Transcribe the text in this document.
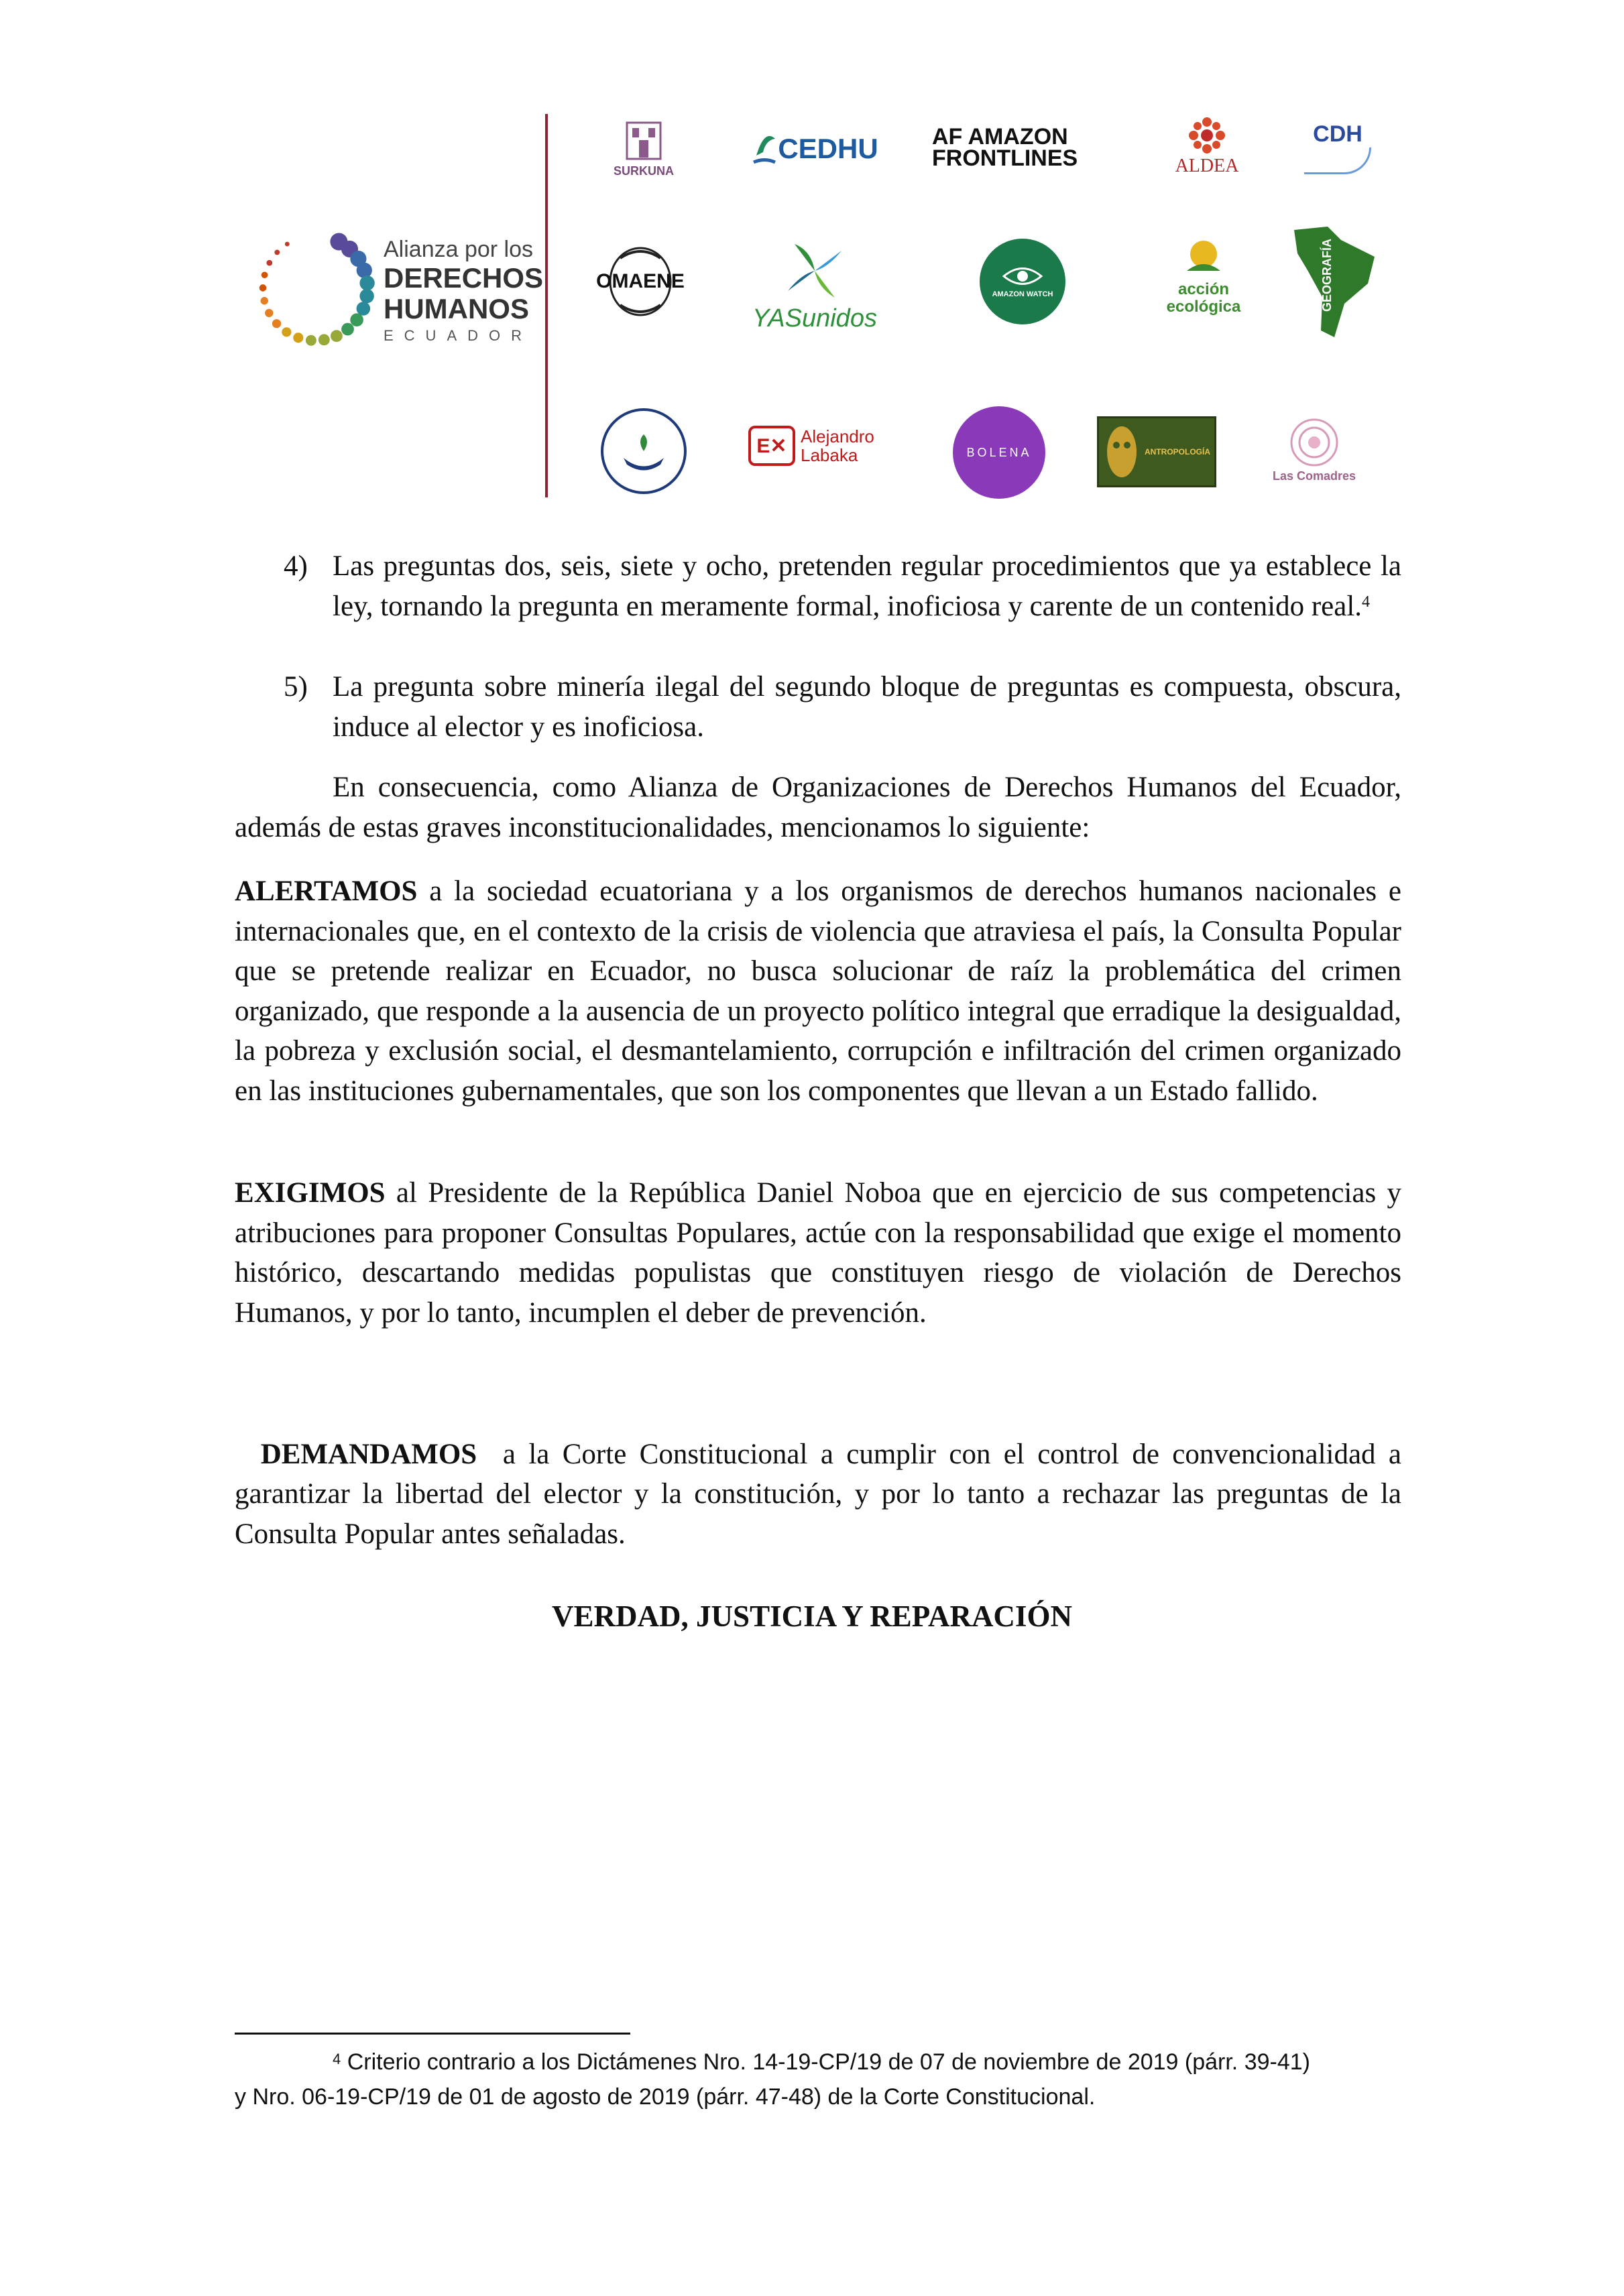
Alianza por los
DERECHOS
HUMANOS
ECUADOR
SURKUNA
CEDHU AF AMAZON FRONTLINES	ALDEA
CDH
OMAENE
YASunidos
AMAZON WATCH	acción ecológica	GEOGRAFÍA
E✕ Alejandro Labaka	BOLENA	ANTROPOLOGÍA
Las Comadres
4) Las preguntas dos, seis, siete y ocho, pretenden regular procedimientos que ya establece la ley, tornando la pregunta en meramente formal, inoficiosa y carente de un contenido real.$^4$
5) La pregunta sobre minería ilegal del segundo bloque de preguntas es compuesta, obscura, induce al elector y es inoficiosa.
En consecuencia, como Alianza de Organizaciones de Derechos Humanos del Ecuador, además de estas graves inconstitucionalidades, mencionamos lo siguiente:
ALERTAMOS a la sociedad ecuatoriana y a los organismos de derechos humanos nacionales e internacionales que, en el contexto de la crisis de violencia que atraviesa el país, la Consulta Popular que se pretende realizar en Ecuador, no busca solucionar de raíz la problemática del crimen organizado, que responde a la ausencia de un proyecto político integral que erradique la desigualdad, la pobreza y exclusión social, el desmantelamiento, corrupción e infiltración del crimen organizado en las instituciones gubernamentales, que son los componentes que llevan a un Estado fallido.
EXIGIMOS al Presidente de la República Daniel Noboa que en ejercicio de sus competencias y atribuciones para proponer Consultas Populares, actúe con la responsabilidad que exige el momento histórico, descartando medidas populistas que constituyen riesgo de violación de Derechos Humanos, y por lo tanto, incumplen el deber de prevención.

DEMANDAMOS  a la Corte Constitucional a cumplir con el control de convencionalidad a garantizar la libertad del elector y la constitución, y por lo tanto a rechazar las preguntas de la Consulta Popular antes señaladas.

VERDAD, JUSTICIA Y REPARACIÓN
$^4$ Criterio contrario a los Dictámenes Nro. 14-19-CP/19 de 07 de noviembre de 2019 (párr. 39-41)
y Nro. 06-19-CP/19 de 01 de agosto de 2019 (párr. 47-48) de la Corte Constitucional.
